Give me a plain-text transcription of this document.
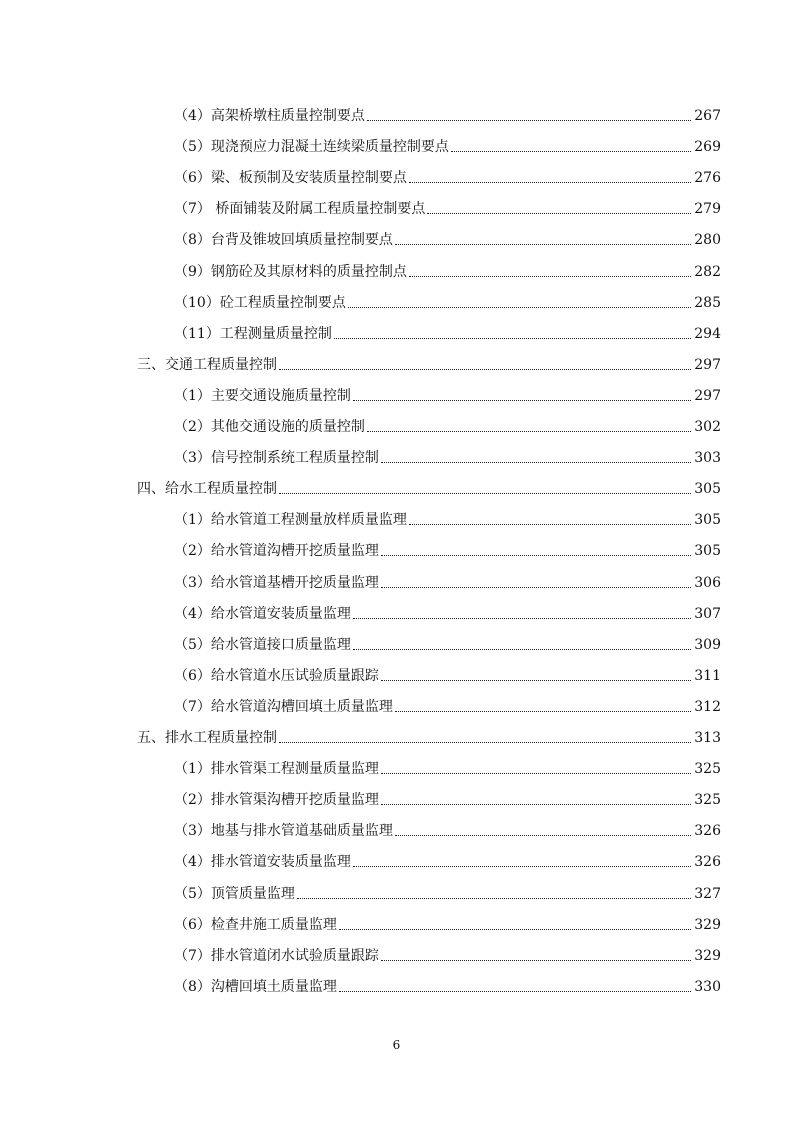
（4）高架桥墩柱质量控制要点	267
（5）现浇预应力混凝土连续梁质量控制要点	269
（6）梁、板预制及安装质量控制要点	276
（7） 桥面铺装及附属工程质量控制要点	279
（8）台背及锥坡回填质量控制要点	280
（9）钢筋砼及其原材料的质量控制点	282
（10）砼工程质量控制要点	285
（11）工程测量质量控制	294
三、交通工程质量控制	297
（1）主要交通设施质量控制	297
（2）其他交通设施的质量控制	302
（3）信号控制系统工程质量控制	303
四、给水工程质量控制	305
（1）给水管道工程测量放样质量监理	305
（2）给水管道沟槽开挖质量监理	305
（3）给水管道基槽开挖质量监理	306
（4）给水管道安装质量监理	307
（5）给水管道接口质量监理	309
（6）给水管道水压试验质量跟踪	311
（7）给水管道沟槽回填土质量监理	312
五、排水工程质量控制	313
（1）排水管渠工程测量质量监理	325
（2）排水管渠沟槽开挖质量监理	325
（3）地基与排水管道基础质量监理	326
（4）排水管道安装质量监理	326
（5）顶管质量监理	327
（6）检查井施工质量监理	329
（7）排水管道闭水试验质量跟踪	329
（8）沟槽回填土质量监理	330
6
